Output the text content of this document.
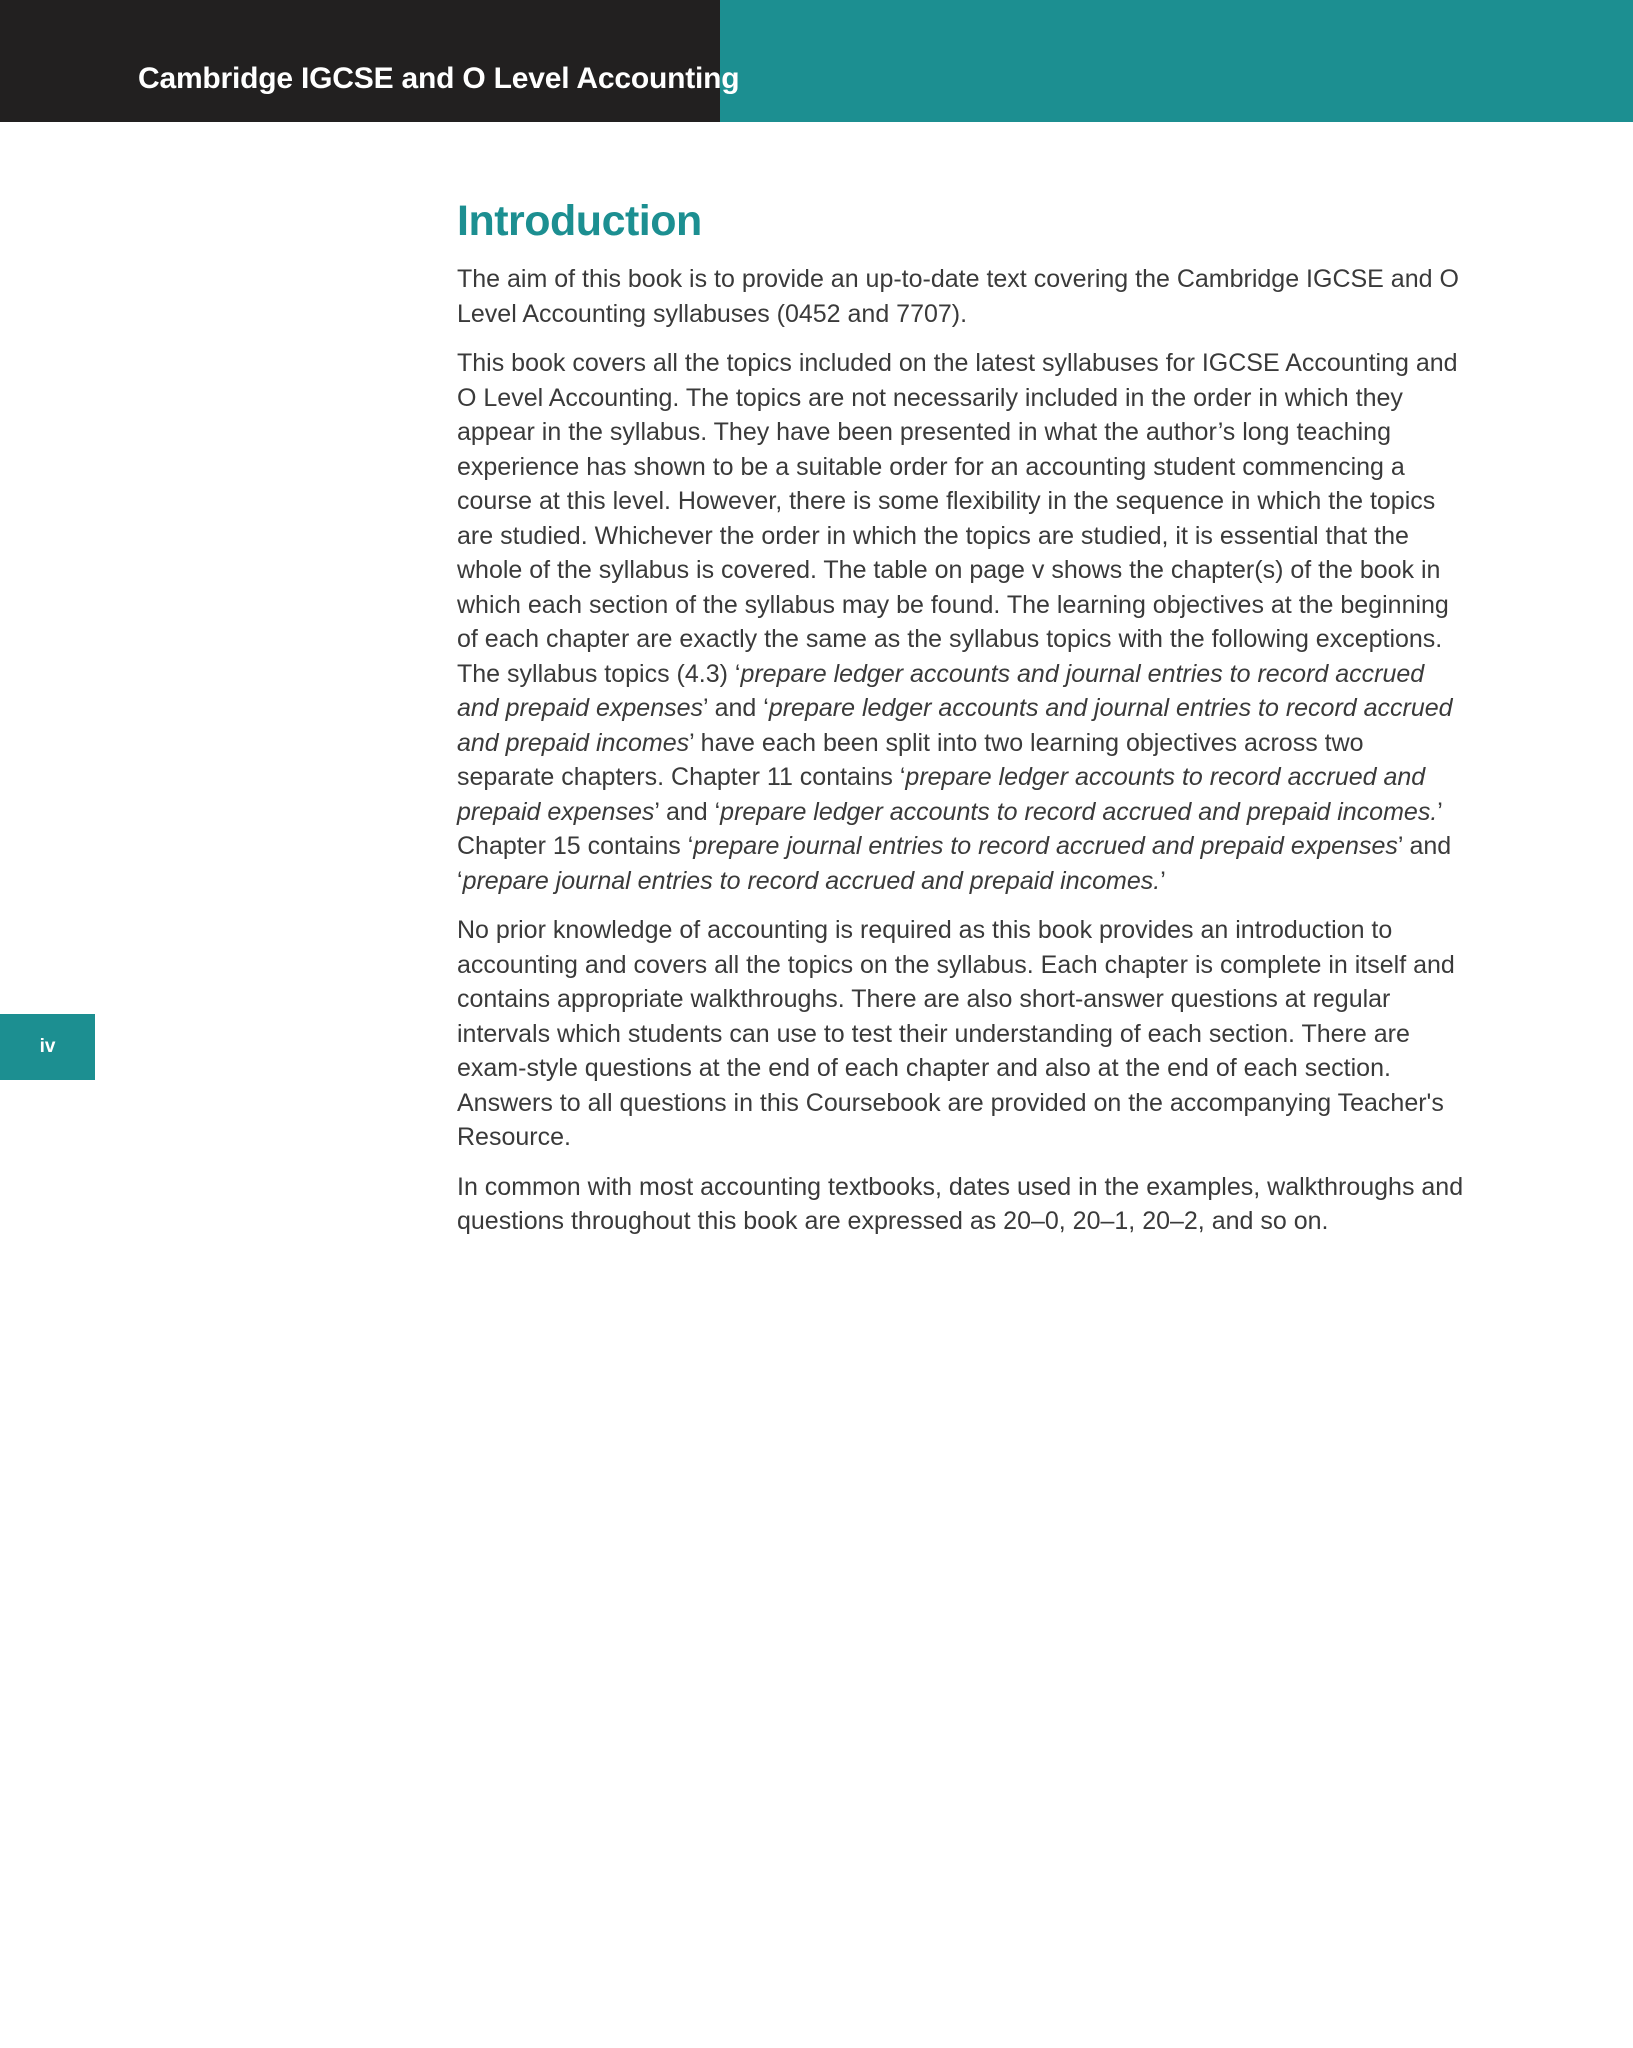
Cambridge IGCSE and O Level Accounting
iv
Introduction

The aim of this book is to provide an up-to-date text covering the Cambridge IGCSE and O Level Accounting syllabuses (0452 and 7707).

This book covers all the topics included on the latest syllabuses for IGCSE Accounting and O Level Accounting. The topics are not necessarily included in the order in which they appear in the syllabus. They have been presented in what the author’s long teaching experience has shown to be a suitable order for an accounting student commencing a course at this level. However, there is some flexibility in the sequence in which the topics are studied. Whichever the order in which the topics are studied, it is essential that the whole of the syllabus is covered. The table on page v shows the chapter(s) of the book in which each section of the syllabus may be found. The learning objectives at the beginning of each chapter are exactly the same as the syllabus topics with the following exceptions. The syllabus topics (4.3) ‘prepare ledger accounts and journal entries to record accrued and prepaid expenses’ and ‘prepare ledger accounts and journal entries to record accrued and prepaid incomes’ have each been split into two learning objectives across two separate chapters. Chapter 11 contains ‘prepare ledger accounts to record accrued and prepaid expenses’ and ‘prepare ledger accounts to record accrued and prepaid incomes.’ Chapter 15 contains ‘prepare journal entries to record accrued and prepaid expenses’ and ‘prepare journal entries to record accrued and prepaid incomes.’

No prior knowledge of accounting is required as this book provides an introduction to accounting and covers all the topics on the syllabus. Each chapter is complete in itself and contains appropriate walkthroughs. There are also short-answer questions at regular intervals which students can use to test their understanding of each section. There are exam-style questions at the end of each chapter and also at the end of each section. Answers to all questions in this Coursebook are provided on the accompanying Teacher's Resource.

In common with most accounting textbooks, dates used in the examples, walkthroughs and questions throughout this book are expressed as 20–0, 20–1, 20–2, and so on.
